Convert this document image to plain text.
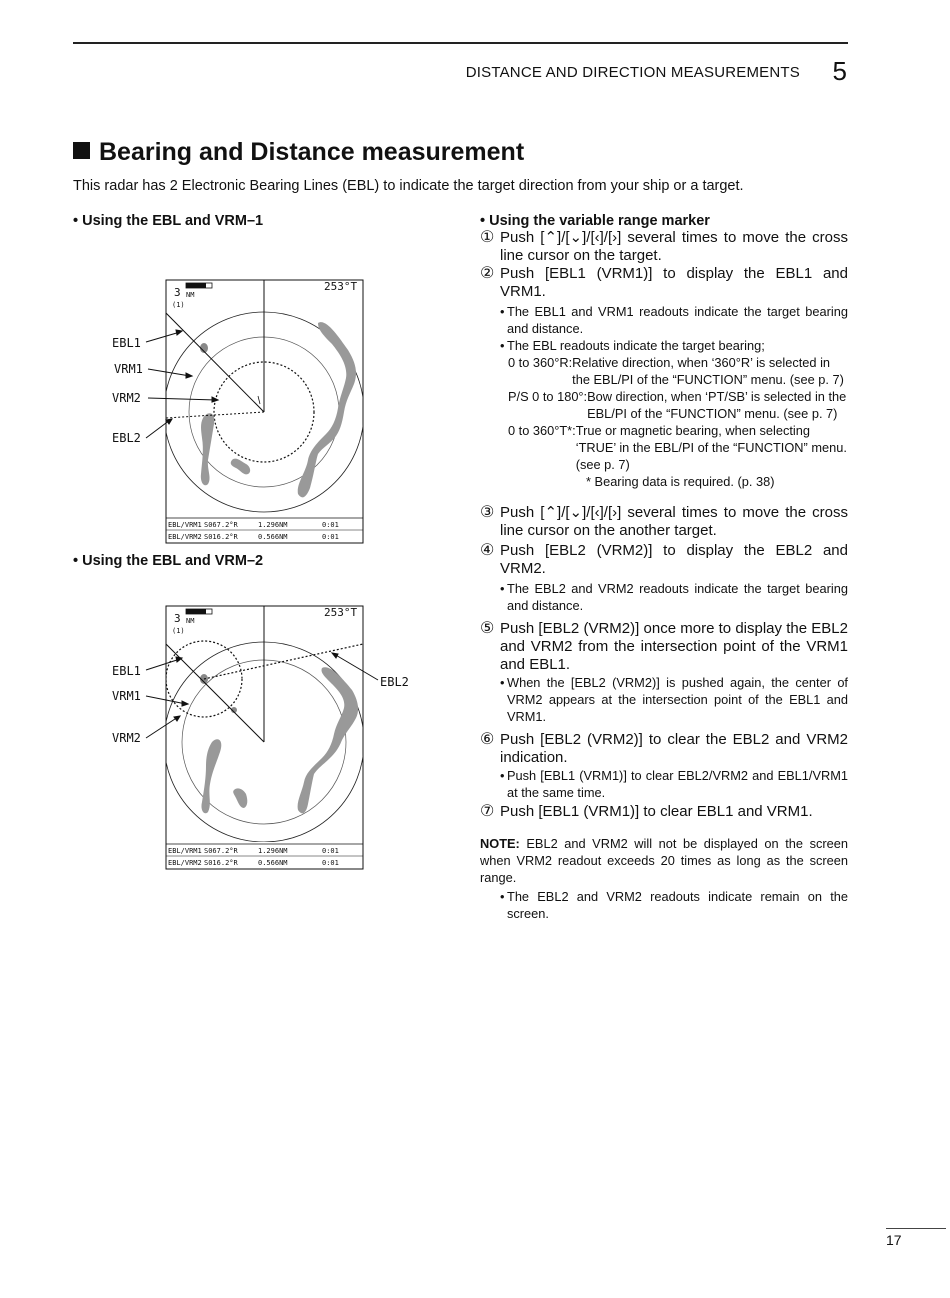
DISTANCE AND DIRECTION MEASUREMENTS 5
Bearing and Distance measurement
This radar has 2 Electronic Bearing Lines (EBL) to indicate the target direction from your ship or a target.
• Using the EBL and VRM–1
• Using the EBL and VRM–2
3 NM
(1)
253°T
EBL/VRM1 S067.2°R	1.296NM	0:01
EBL/VRM2 S016.2°R	0.566NM	0:01
EBL1
VRM1
VRM2
EBL2
3 NM
(1)
253°T
EBL/VRM1 S067.2°R	1.296NM	0:01
EBL/VRM2 S016.2°R	0.566NM	0:01
EBL1
VRM1
VRM2
EBL2
• Using the variable range marker
① Push [⌃]/[⌄]/[‹]/[›] several times to move the cross line cursor on the target.
② Push [EBL1 (VRM1)] to display the EBL1 and VRM1.
• The EBL1 and VRM1 readouts indicate the target bearing and distance.
• The EBL readouts indicate the target bearing;
0 to 360°R: Relative direction, when ‘360°R’ is selected in the EBL/PI of the “FUNCTION” menu. (see p. 7)
P/S 0 to 180°: Bow direction, when ‘PT/SB’ is selected in the EBL/PI of the “FUNCTION” menu. (see p. 7)
0 to 360°T*: True or magnetic bearing, when selecting ‘TRUE’ in the EBL/PI of the “FUNCTION” menu. (see p. 7)
* Bearing data is required. (p. 38)
③ Push [⌃]/[⌄]/[‹]/[›] several times to move the cross line cursor on the another target.
④ Push [EBL2 (VRM2)] to display the EBL2 and VRM2.
• The EBL2 and VRM2 readouts indicate the target bearing and distance.
⑤ Push [EBL2 (VRM2)] once more to display the EBL2 and VRM2 from the intersection point of the VRM1 and EBL1.
• When the [EBL2 (VRM2)] is pushed again, the center of VRM2 appears at the intersection point of the EBL1 and VRM1.
⑥ Push [EBL2 (VRM2)] to clear the EBL2 and VRM2 indication.
• Push [EBL1 (VRM1)] to clear EBL2/VRM2 and EBL1/VRM1 at the same time.
⑦ Push [EBL1 (VRM1)] to clear EBL1 and VRM1.
NOTE: EBL2 and VRM2 will not be displayed on the screen when VRM2 readout exceeds 20 times as long as the screen range.
• The EBL2 and VRM2 readouts indicate remain on the screen.
17
